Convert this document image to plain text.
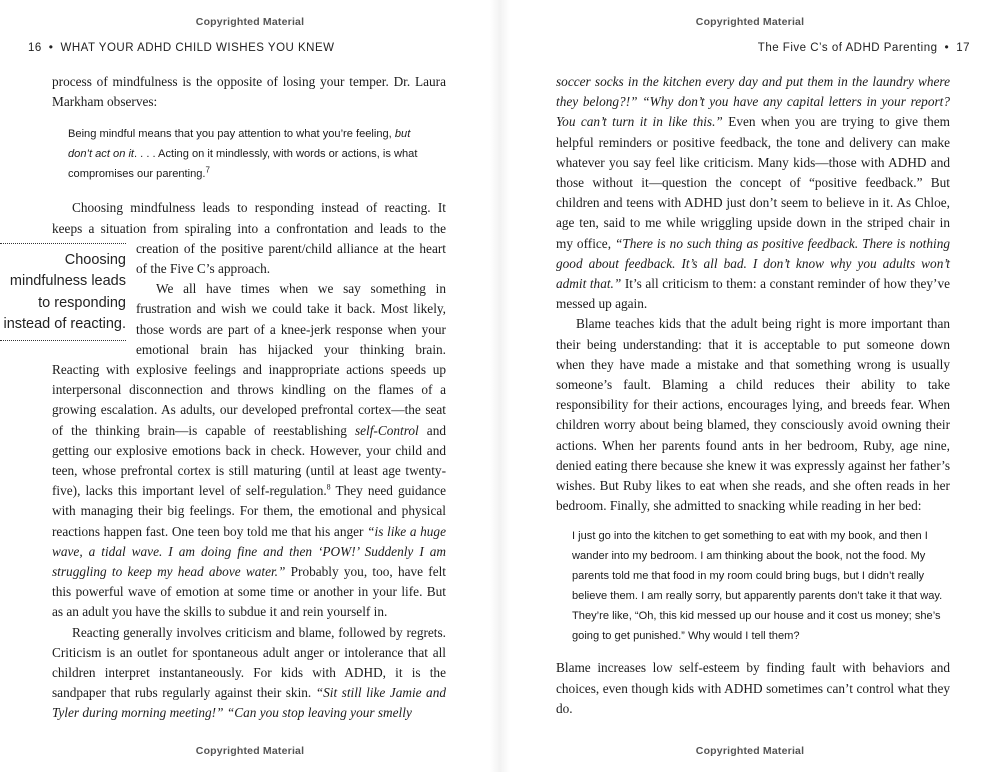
Copyrighted Material
16 • WHAT YOUR ADHD CHILD WISHES YOU KNEW

process of mindfulness is the opposite of losing your temper. Dr. Laura Markham observes:

Being mindful means that you pay attention to what you’re feeling, but don’t act on it. . . . Acting on it mindlessly, with words or actions, is what compromises our parenting.$^7$

Choosing mindfulness leads to responding instead of reacting. It
keeps a situation from spiraling into a confrontation and leads to the

Choosing mindfulness leads to responding instead of reacting.

creation of the positive parent/child alliance at the heart of the Five C’s approach.

We all have times when we say something in frustration and wish we could take it back. Most likely, those words are part of a knee-jerk response when your emotional brain has hijacked your thinking brain. Reacting with explosive feelings and inappropriate actions speeds up interpersonal disconnection and throws kindling on the flames of a growing escalation. As adults, our developed prefrontal cortex—the seat of the thinking brain—is capable of reestablishing self-Control and getting our explosive emotions back in check. However, your child and teen, whose prefrontal cortex is still maturing (until at least age twenty-five), lacks this important level of self-regulation.$^8$ They need guidance with managing their big feelings. For them, the emotional and physical reactions happen fast. One teen boy told me that his anger “is like a huge wave, a tidal wave. I am doing fine and then ‘POW!’ Suddenly I am struggling to keep my head above water.” Probably you, too, have felt this powerful wave of emotion at some time or another in your life. But as an adult you have the skills to subdue it and rein yourself in.

Reacting generally involves criticism and blame, followed by regrets. Criticism is an outlet for spontaneous adult anger or intolerance that all children interpret instantaneously. For kids with ADHD, it is the sandpaper that rubs regularly against their skin. “Sit still like Jamie and Tyler during morning meeting!” “Can you stop leaving your smelly

Copyrighted Material
Copyrighted Material
The Five C’s of ADHD Parenting • 17

soccer socks in the kitchen every day and put them in the laundry where they belong?!” “Why don’t you have any capital letters in your report? You can’t turn it in like this.” Even when you are trying to give them helpful reminders or positive feedback, the tone and delivery can make whatever you say feel like criticism. Many kids—those with ADHD and those without it—question the concept of “positive feedback.” But children and teens with ADHD just don’t seem to believe in it. As Chloe, age ten, said to me while wriggling upside down in the striped chair in my office, “There is no such thing as positive feedback. There is nothing good about feedback. It’s all bad. I don’t know why you adults won’t admit that.” It’s all criticism to them: a constant reminder of how they’ve messed up again.

Blame teaches kids that the adult being right is more important than their being understanding: that it is acceptable to put someone down when they have made a mistake and that something wrong is usually someone’s fault. Blaming a child reduces their ability to take responsibility for their actions, encourages lying, and breeds fear. When children worry about being blamed, they consciously avoid owning their actions. When her parents found ants in her bedroom, Ruby, age nine, denied eating there because she knew it was expressly against her father’s wishes. But Ruby likes to eat when she reads, and she often reads in her bedroom. Finally, she admitted to snacking while reading in her bed:

I just go into the kitchen to get something to eat with my book, and then I wander into my bedroom. I am thinking about the book, not the food. My parents told me that food in my room could bring bugs, but I didn’t really believe them. I am really sorry, but apparently parents don’t take it that way. They’re like, “Oh, this kid messed up our house and it cost us money; she’s going to get punished.” Why would I tell them?

Blame increases low self-esteem by finding fault with behaviors and choices, even though kids with ADHD sometimes can’t control what they do.

Copyrighted Material
